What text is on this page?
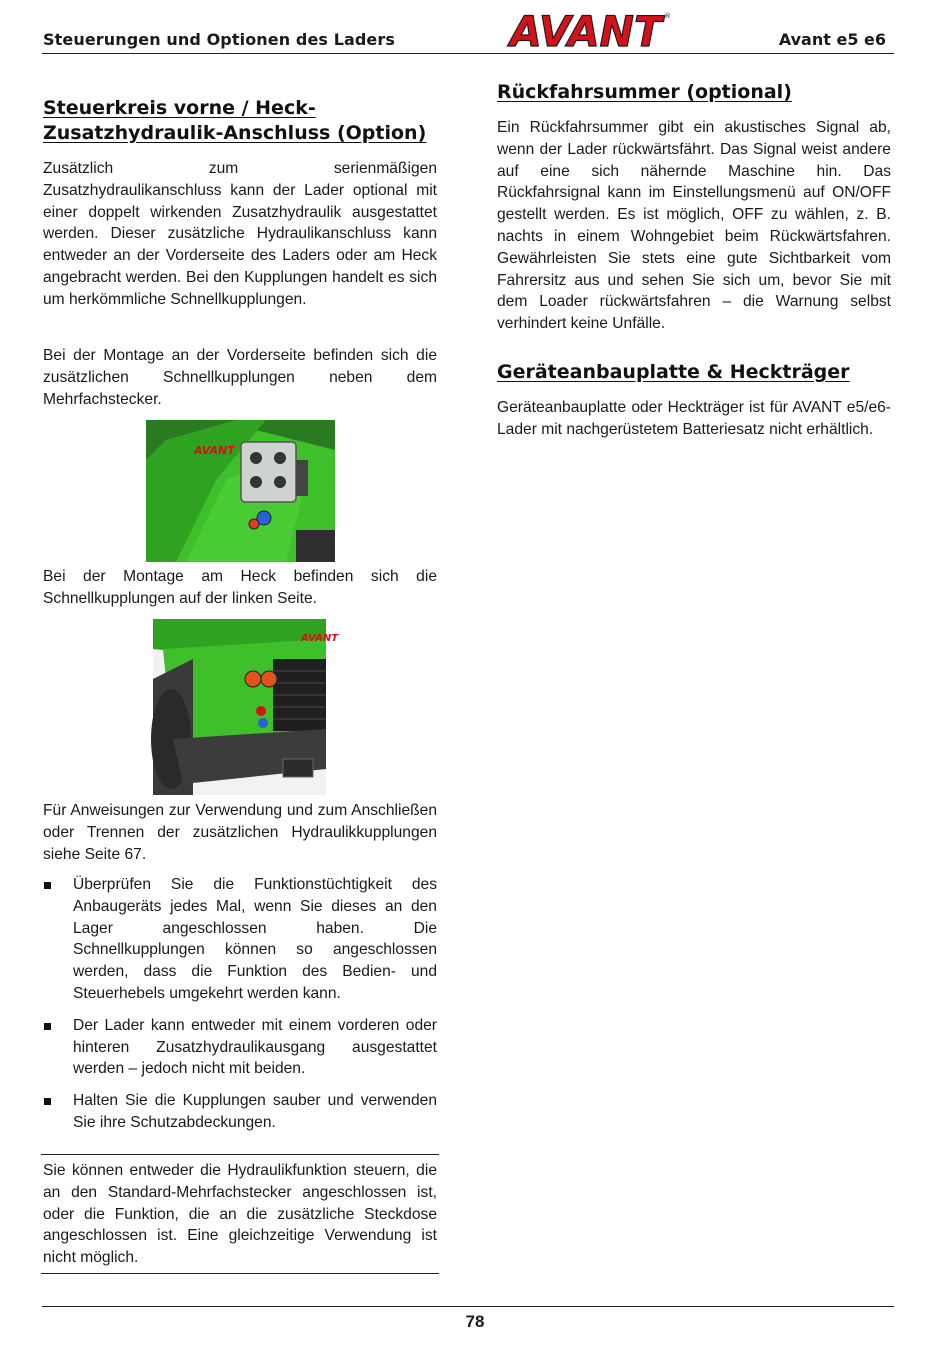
Steuerungen und Optionen des Laders	AVANT
®
Avant e5 e6
Steuerkreis vorne / Heck-
Zusatzhydraulik-Anschluss (Option)

Zusätzlich zum serienmäßigen Zusatzhydraulikanschluss kann der Lader optional mit einer doppelt wirkenden Zusatzhydraulik ausgestattet werden. Dieser zusätzliche Hydraulikanschluss kann entweder an der Vorderseite des Laders oder am Heck angebracht werden. Bei den Kupplungen handelt es sich um herkömmliche Schnellkupplungen.

Bei der Montage an der Vorderseite befinden sich die zusätzlichen Schnellkupplungen neben dem Mehrfachstecker.

AVANT

Bei der Montage am Heck befinden sich die Schnellkupplungen auf der linken Seite.

AVANT

Für Anweisungen zur Verwendung und zum Anschließen oder Trennen der zusätzlichen Hydraulikkupplungen siehe Seite 67.

Überprüfen Sie die Funktionstüchtigkeit des Anbaugeräts jedes Mal, wenn Sie dieses an den Lager angeschlossen haben. Die Schnellkupplungen können so angeschlossen werden, dass die Funktion des Bedien- und Steuerhebels umgekehrt werden kann.
Der Lader kann entweder mit einem vorderen oder hinteren Zusatzhydraulikausgang ausgestattet werden – jedoch nicht mit beiden.
Halten Sie die Kupplungen sauber und verwenden Sie ihre Schutzabdeckungen.

Sie können entweder die Hydraulikfunktion steuern, die an den Standard-Mehrfachstecker angeschlossen ist, oder die Funktion, die an die zusätzliche Steckdose angeschlossen ist. Eine gleichzeitige Verwendung ist nicht möglich.

Rückfahrsummer (optional)

Ein Rückfahrsummer gibt ein akustisches Signal ab, wenn der Lader rückwärtsfährt. Das Signal weist andere auf eine sich nähernde Maschine hin. Das Rückfahrsignal kann im Einstellungsmenü auf ON/OFF gestellt werden. Es ist möglich, OFF zu wählen, z. B. nachts in einem Wohngebiet beim Rückwärtsfahren. Gewährleisten Sie stets eine gute Sichtbarkeit vom Fahrersitz aus und sehen Sie sich um, bevor Sie mit dem Loader rückwärtsfahren – die Warnung selbst verhindert keine Unfälle.

Geräteanbauplatte & Heckträger

Geräteanbauplatte oder Heckträger ist für AVANT e5/e6-Lader mit nachgerüstetem Batteriesatz nicht erhältlich.

78
